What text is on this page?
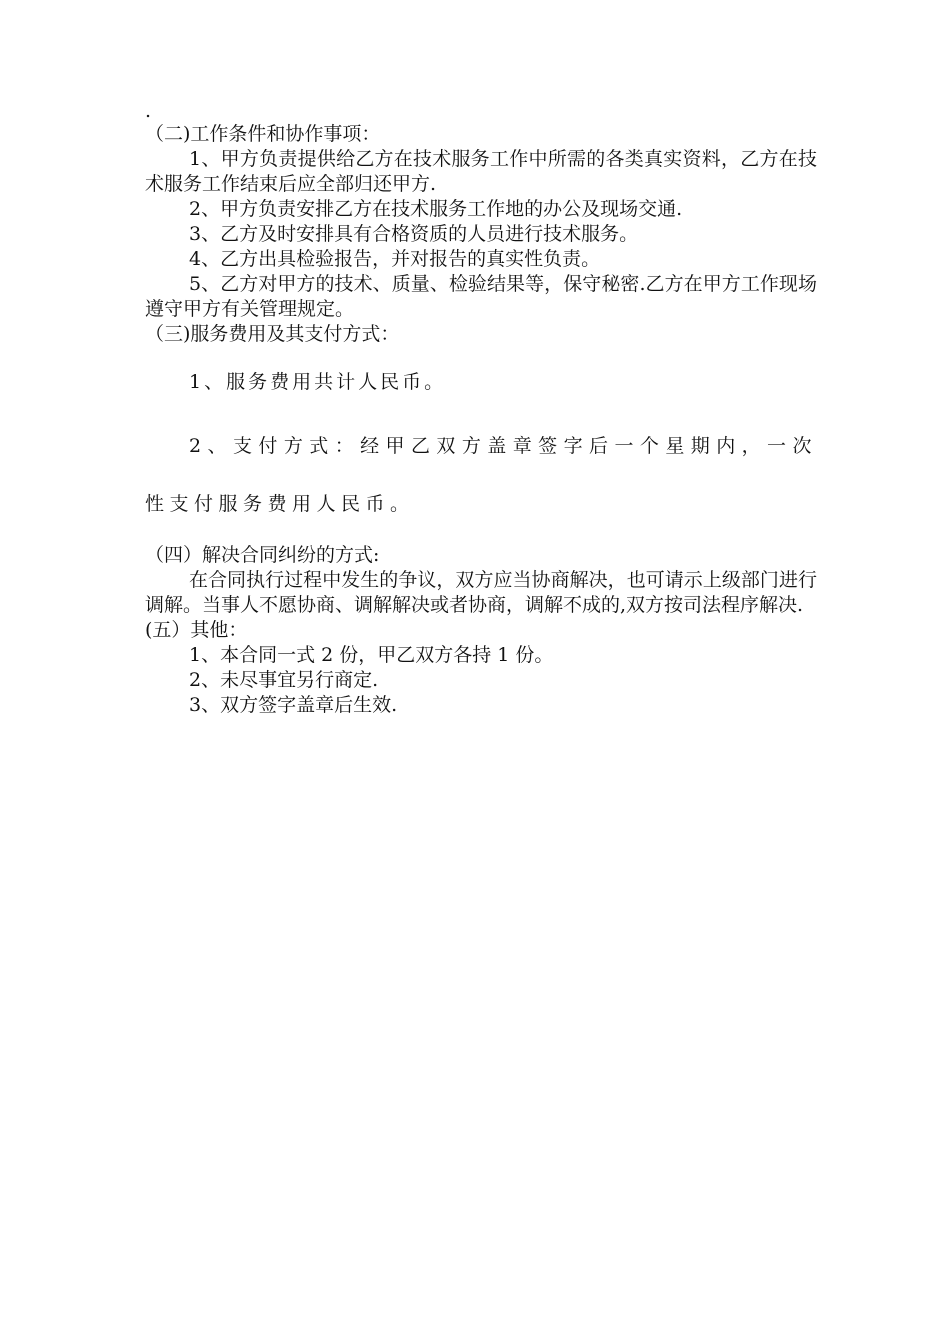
.

（二)工作条件和协作事项：

1、甲方负责提供给乙方在技术服务工作中所需的各类真实资料，乙方在技术服务工作结束后应全部归还甲方.

2、甲方负责安排乙方在技术服务工作地的办公及现场交通.

3、乙方及时安排具有合格资质的人员进行技术服务。

4、乙方出具检验报告，并对报告的真实性负责。

5、乙方对甲方的技术、质量、检验结果等，保守秘密.乙方在甲方工作现场遵守甲方有关管理规定。

（三)服务费用及其支付方式：

1、服务费用共计人民币。

2、支付方式：经甲乙双方盖章签字后一个星期内，一次性支付服务费用人民币。

（四）解决合同纠纷的方式:

在合同执行过程中发生的争议，双方应当协商解决，也可请示上级部门进行调解。当事人不愿协商、调解解决或者协商，调解不成的,双方按司法程序解决.

(五）其他：

1、本合同一式 2 份，甲乙双方各持 1 份。

2、未尽事宜另行商定.

3、双方签字盖章后生效.
